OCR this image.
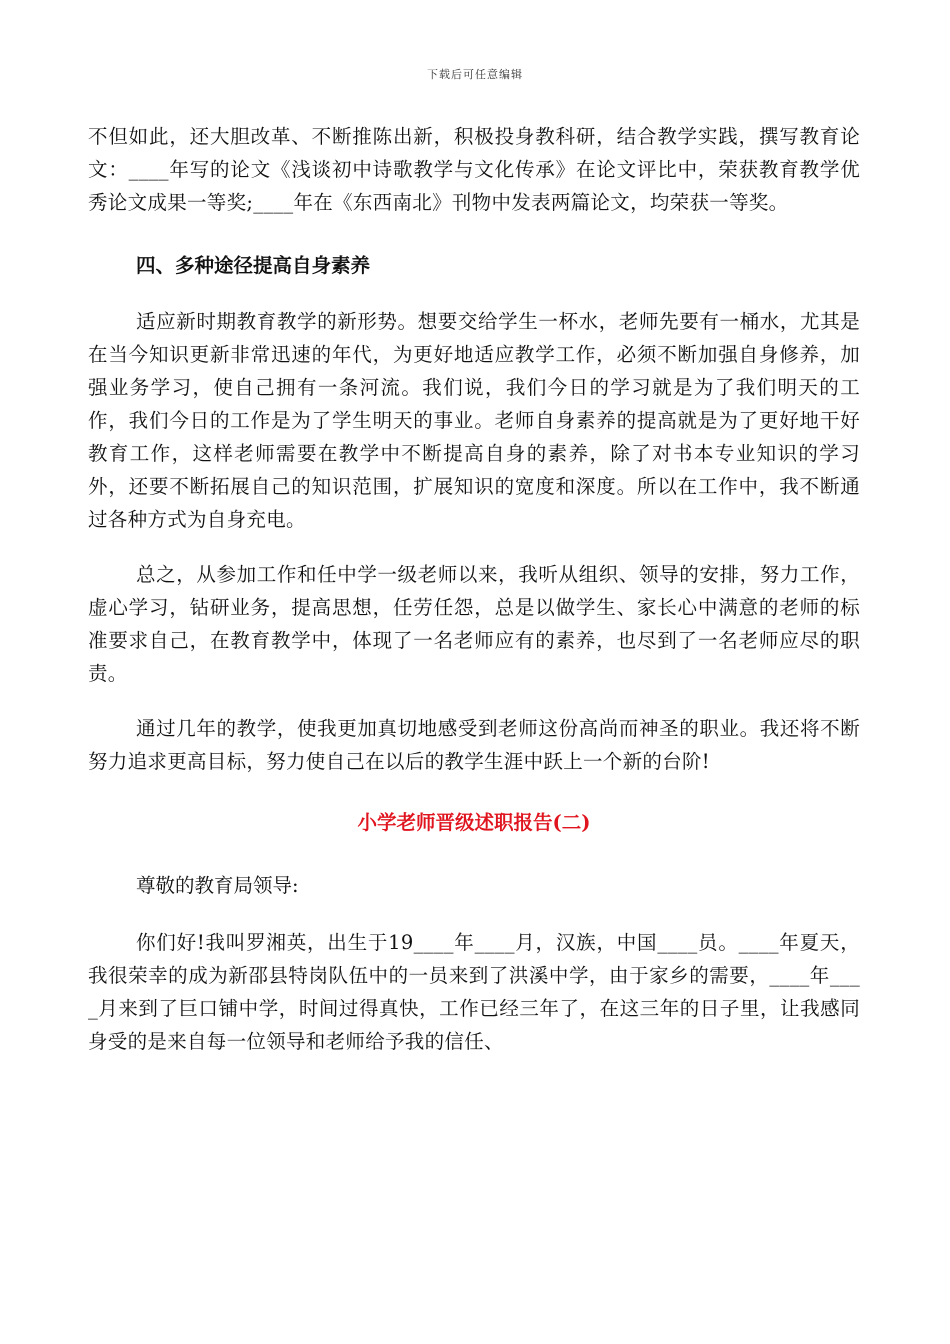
下载后可任意编辑

不但如此，还大胆改革、不断推陈出新，积极投身教科研，结合教学实践，撰写教育论文：____年写的论文《浅谈初中诗歌教学与文化传承》在论文评比中，荣获教育教学优秀论文成果一等奖;____年在《东西南北》刊物中发表两篇论文，均荣获一等奖。

四、多种途径提高自身素养

适应新时期教育教学的新形势。想要交给学生一杯水，老师先要有一桶水，尤其是在当今知识更新非常迅速的年代，为更好地适应教学工作，必须不断加强自身修养，加强业务学习，使自己拥有一条河流。我们说，我们今日的学习就是为了我们明天的工作，我们今日的工作是为了学生明天的事业。老师自身素养的提高就是为了更好地干好教育工作，这样老师需要在教学中不断提高自身的素养，除了对书本专业知识的学习外，还要不断拓展自己的知识范围，扩展知识的宽度和深度。所以在工作中，我不断通过各种方式为自身充电。

总之，从参加工作和任中学一级老师以来，我听从组织、领导的安排，努力工作，虚心学习，钻研业务，提高思想，任劳任怨，总是以做学生、家长心中满意的老师的标准要求自己，在教育教学中，体现了一名老师应有的素养，也尽到了一名老师应尽的职责。

通过几年的教学，使我更加真切地感受到老师这份高尚而神圣的职业。我还将不断努力追求更高目标，努力使自己在以后的教学生涯中跃上一个新的台阶!

小学老师晋级述职报告(二)
尊敬的教育局领导:

你们好!我叫罗湘英，出生于19____年____月，汉族，中国____员。____年夏天，我很荣幸的成为新邵县特岗队伍中的一员来到了洪溪中学，由于家乡的需要，____年____月来到了巨口铺中学，时间过得真快，工作已经三年了，在这三年的日子里，让我感同身受的是来自每一位领导和老师给予我的信任、
